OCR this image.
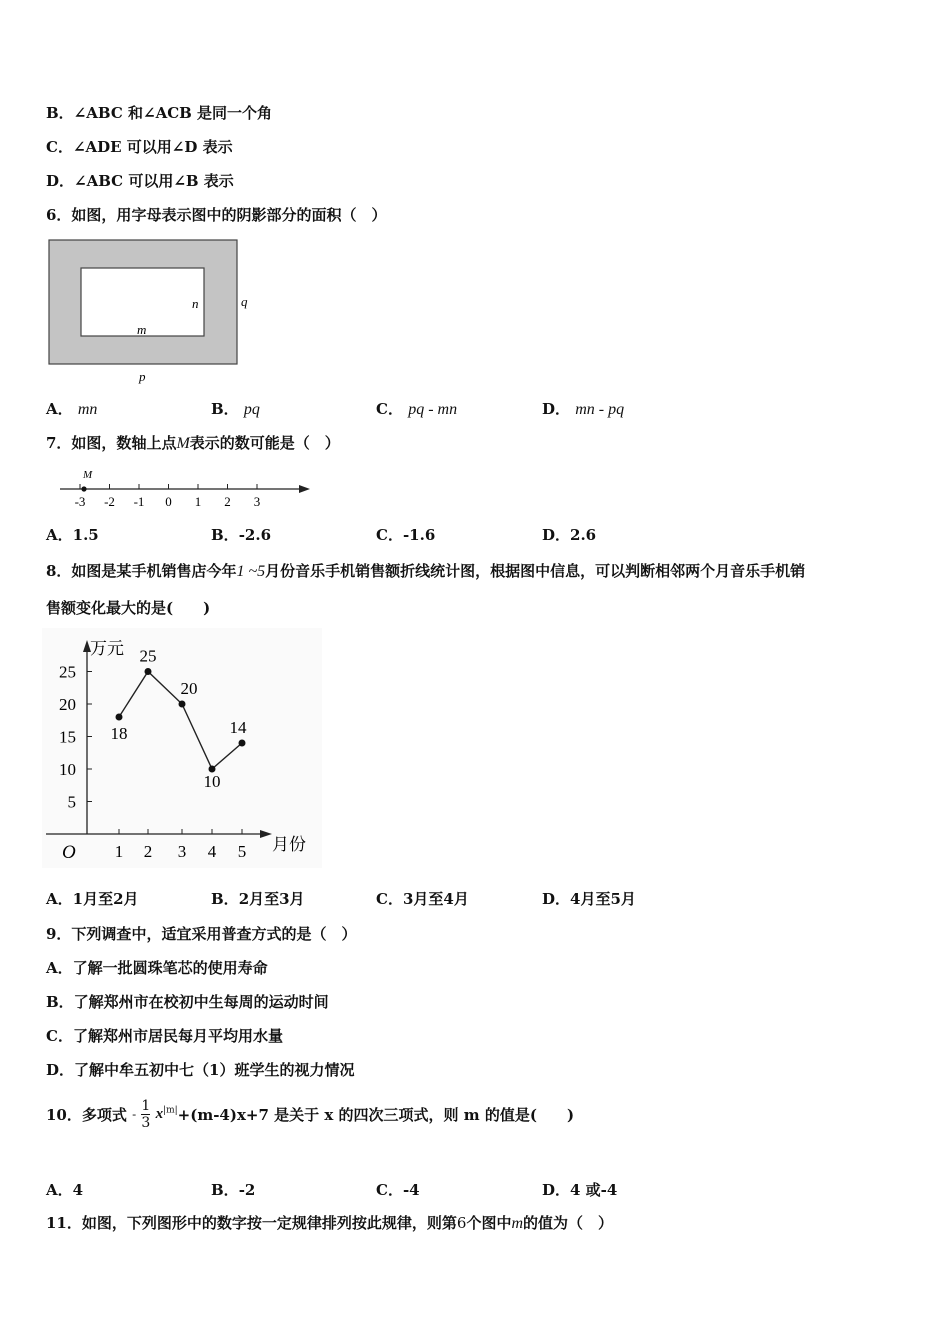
B．∠ABC 和∠ACB 是同一个角
C．∠ADE 可以用∠D 表示
D．∠ABC 可以用∠B 表示
6．如图，用字母表示图中的阴影部分的面积（　）
n
m
q
p
A． mn	B． pq	C． pq - mn	D． mn - pq
7．如图，数轴上点M表示的数可能是（　）
-3 -2 -1 0 1 2 3
M
A．1.5	B．-2.6	C．-1.6	D．2.6
8．如图是某手机销售店今年1 ~5月份音乐手机销售额折线统计图，根据图中信息，可以判断相邻两个月音乐手机销
售额变化最大的是(　　)
万元
月份
O
5
10
15
20
25
1 2 3 4 5
18
25
20
10
14
A．1月至2月	B．2月至3月	C．3月至4月	D．4月至5月
9．下列调查中，适宜采用普查方式的是（　）
A．了解一批圆珠笔芯的使用寿命
B．了解郑州市在校初中生每周的运动时间
C．了解郑州市居民每月平均用水量
D．了解中牟五初中七（1）班学生的视力情况
10．多项式 - $\frac{1}{3} x^{|m|}+(m-4)x+7$ 是关于 x 的四次三项式，则 m 的值是(　　)
A．4	B．-2	C．-4	D．4 或-4
11．如图，下列图形中的数字按一定规律排列按此规律，则第6个图中m的值为（　）
